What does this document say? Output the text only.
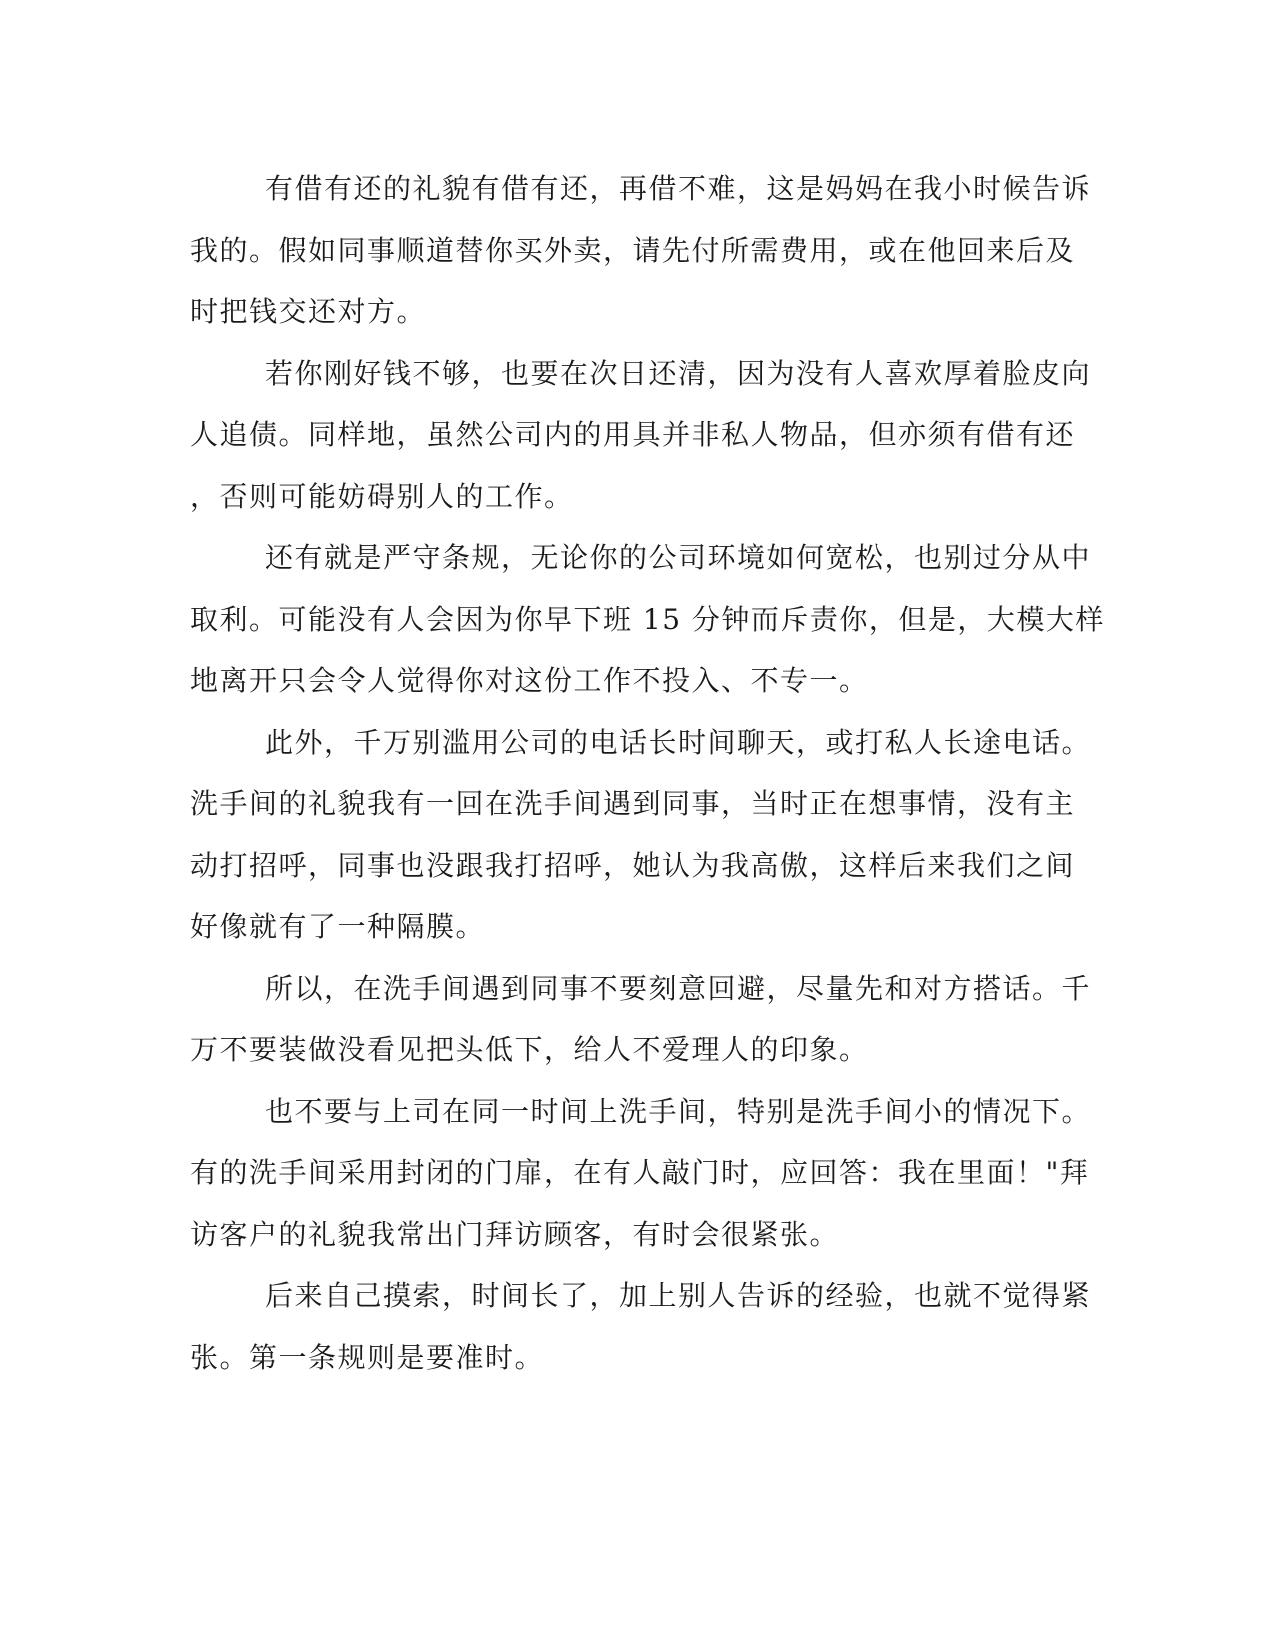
有借有还的礼貌有借有还，再借不难，这是妈妈在我小时候告诉
我的。假如同事顺道替你买外卖，请先付所需费用，或在他回来后及
时把钱交还对方。
若你刚好钱不够，也要在次日还清，因为没有人喜欢厚着脸皮向
人追债。同样地，虽然公司内的用具并非私人物品，但亦须有借有还
，否则可能妨碍别人的工作。
还有就是严守条规，无论你的公司环境如何宽松，也别过分从中
取利。可能没有人会因为你早下班 15 分钟而斥责你，但是，大模大样
地离开只会令人觉得你对这份工作不投入、不专一。
此外，千万别滥用公司的电话长时间聊天，或打私人长途电话。
洗手间的礼貌我有一回在洗手间遇到同事，当时正在想事情，没有主
动打招呼，同事也没跟我打招呼，她认为我高傲，这样后来我们之间
好像就有了一种隔膜。
所以，在洗手间遇到同事不要刻意回避，尽量先和对方搭话。千
万不要装做没看见把头低下，给人不爱理人的印象。
也不要与上司在同一时间上洗手间，特别是洗手间小的情况下。
有的洗手间采用封闭的门扉，在有人敲门时，应回答：我在里面！"拜
访客户的礼貌我常出门拜访顾客，有时会很紧张。
后来自己摸索，时间长了，加上别人告诉的经验，也就不觉得紧
张。第一条规则是要准时。
